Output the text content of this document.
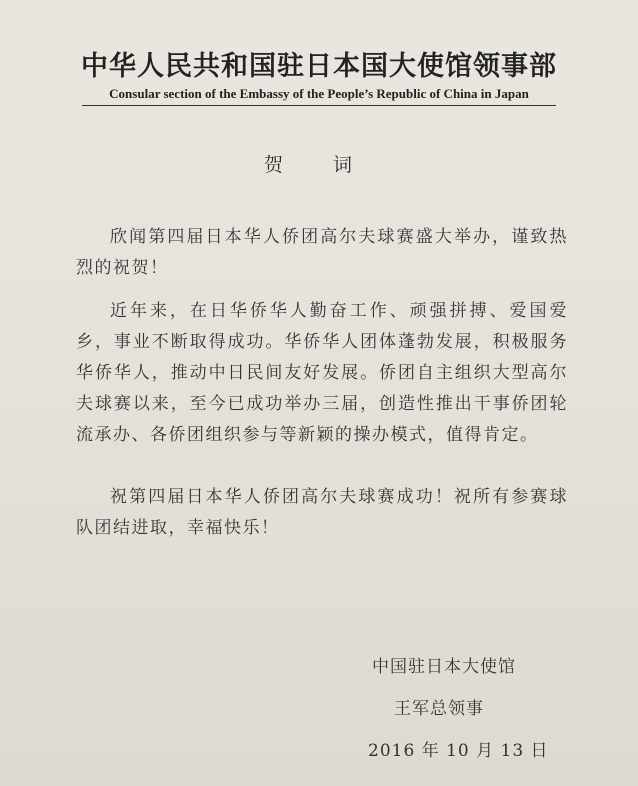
中华人民共和国驻日本国大使馆领事部
Consular section of the Embassy of the People’s Republic of China in Japan
贺 词
欣闻第四届日本华人侨团高尔夫球赛盛大举办，谨致热烈的祝贺！
近年来，在日华侨华人勤奋工作、顽强拼搏、爱国爱乡，事业不断取得成功。华侨华人团体蓬勃发展，积极服务华侨华人，推动中日民间友好发展。侨团自主组织大型高尔夫球赛以来，至今已成功举办三届，创造性推出干事侨团轮流承办、各侨团组织参与等新颖的操办模式，值得肯定。
祝第四届日本华人侨团高尔夫球赛成功！祝所有参赛球队团结进取，幸福快乐！
中国驻日本大使馆
王军总领事
2016 年 10 月 13 日
